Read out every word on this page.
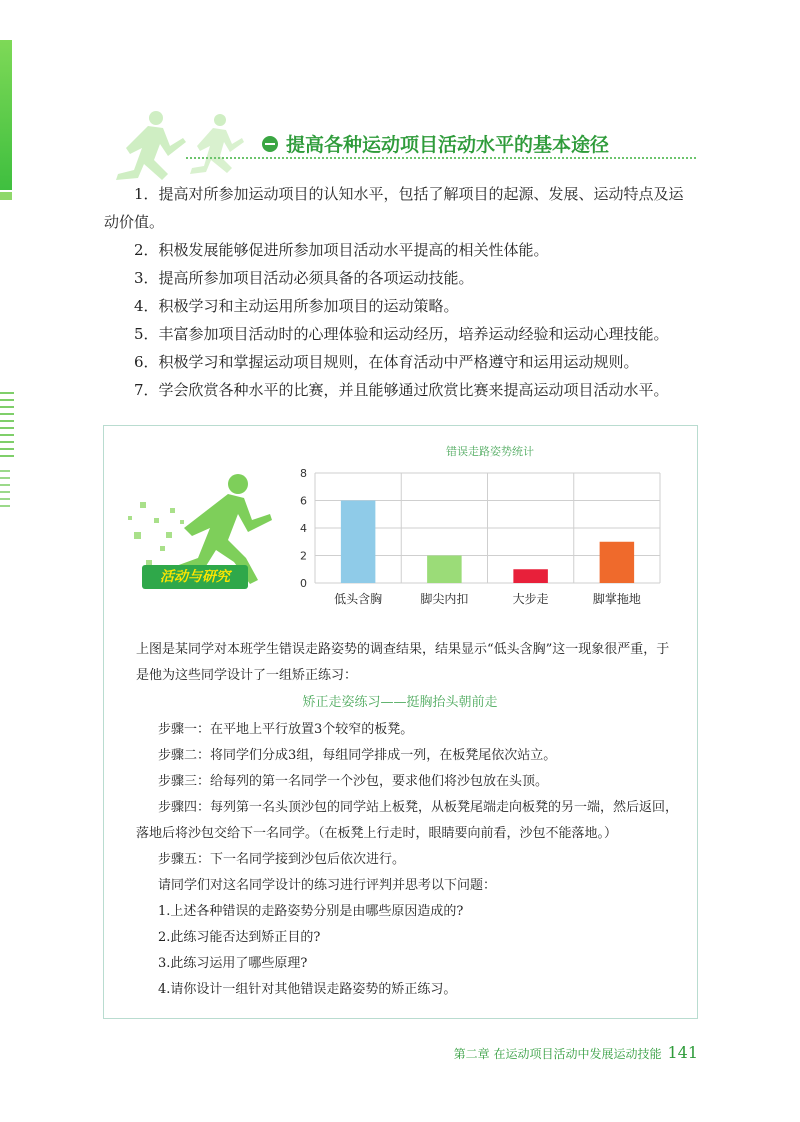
提高各种运动项目活动水平的基本途径

1．提高对所参加运动项目的认知水平，包括了解项目的起源、发展、运动特点及运动价值。

2．积极发展能够促进所参加项目活动水平提高的相关性体能。

3．提高所参加项目活动必须具备的各项运动技能。

4．积极学习和主动运用所参加项目的运动策略。

5．丰富参加项目活动时的心理体验和运动经历，培养运动经验和运动心理技能。

6．积极学习和掌握运动项目规则，在体育活动中严格遵守和运用运动规则。

7．学会欣赏各种水平的比赛，并且能够通过欣赏比赛来提高运动项目活动水平。

活动与研究
错误走路姿势统计
0
2
4
6
8
低头含胸	脚尖内扣	大步走	脚掌拖地
上图是某同学对本班学生错误走路姿势的调查结果，结果显示“低头含胸”这一现象很严重，于是他为这些同学设计了一组矫正练习：
矫正走姿练习——挺胸抬头朝前走
步骤一：在平地上平行放置3个较窄的板凳。
步骤二：将同学们分成3组，每组同学排成一列，在板凳尾依次站立。
步骤三：给每列的第一名同学一个沙包，要求他们将沙包放在头顶。
步骤四：每列第一名头顶沙包的同学站上板凳，从板凳尾端走向板凳的另一端，然后返回，落地后将沙包交给下一名同学。（在板凳上行走时，眼睛要向前看，沙包不能落地。）
步骤五：下一名同学接到沙包后依次进行。
请同学们对这名同学设计的练习进行评判并思考以下问题：
1.上述各种错误的走路姿势分别是由哪些原因造成的?
2.此练习能否达到矫正目的?
3.此练习运用了哪些原理?
4.请你设计一组针对其他错误走路姿势的矫正练习。
第二章 在运动项目活动中发展运动技能 141
